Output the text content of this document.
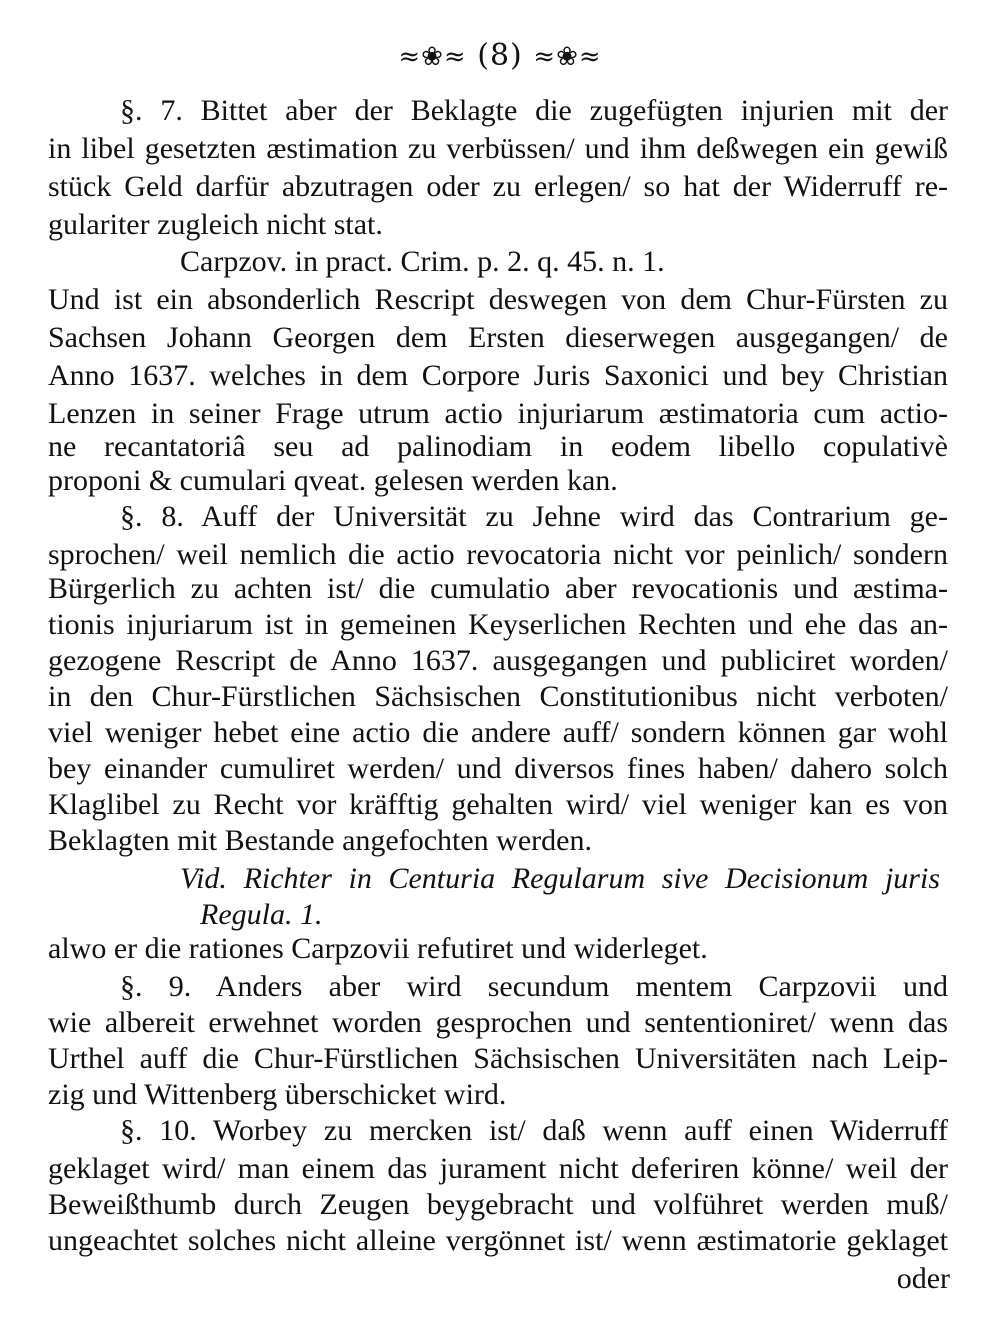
≈❀≈ (8) ≈❀≈
§. 7. Bittet aber der Beklagte die zugefügten injurien mit der
in libel gesetzten æstimation zu verbüssen/ und ihm deßwegen ein gewiß
stück Geld darfür abzutragen oder zu erlegen/ so hat der Widerruff re-
gulariter zugleich nicht stat.
Carpzov. in pract. Crim. p. 2. q. 45. n. 1.
Und ist ein absonderlich Rescript deswegen von dem Chur-Fürsten zu
Sachsen Johann Georgen dem Ersten dieserwegen ausgegangen/ de
Anno 1637. welches in dem Corpore Juris Saxonici und bey Christian
Lenzen in seiner Frage utrum actio injuriarum æstimatoria cum actio-
ne recantatoriâ seu ad palinodiam in eodem libello copulativè
proponi & cumulari qveat. gelesen werden kan.
§. 8. Auff der Universität zu Jehne wird das Contrarium ge-
sprochen/ weil nemlich die actio revocatoria nicht vor peinlich/ sondern
Bürgerlich zu achten ist/ die cumulatio aber revocationis und æstima-
tionis injuriarum ist in gemeinen Keyserlichen Rechten und ehe das an-
gezogene Rescript de Anno 1637. ausgegangen und publiciret worden/
in den Chur-Fürstlichen Sächsischen Constitutionibus nicht verboten/
viel weniger hebet eine actio die andere auff/ sondern können gar wohl
bey einander cumuliret werden/ und diversos fines haben/ dahero solch
Klaglibel zu Recht vor kräfftig gehalten wird/ viel weniger kan es von
Beklagten mit Bestande angefochten werden.
Vid. Richter in Centuria Regularum sive Decisionum juris
Regula. 1.
alwo er die rationes Carpzovii refutiret und widerleget.
§. 9. Anders aber wird secundum mentem Carpzovii und
wie albereit erwehnet worden gesprochen und sententioniret/ wenn das
Urthel auff die Chur-Fürstlichen Sächsischen Universitäten nach Leip-
zig und Wittenberg überschicket wird.
§. 10. Worbey zu mercken ist/ daß wenn auff einen Widerruff
geklaget wird/ man einem das jurament nicht deferiren könne/ weil der
Beweißthumb durch Zeugen beygebracht und volführet werden muß/
ungeachtet solches nicht alleine vergönnet ist/ wenn æstimatorie geklaget
oder
